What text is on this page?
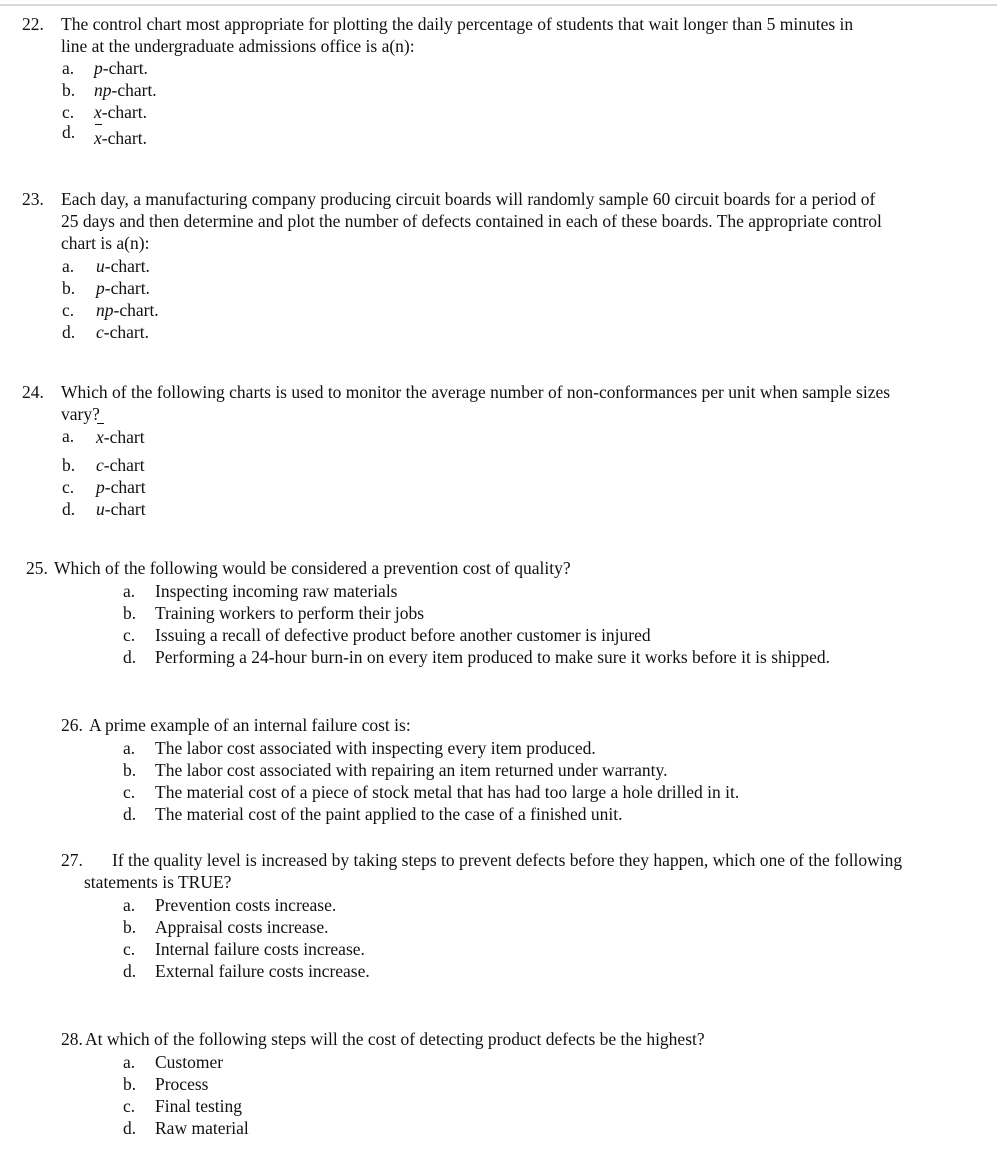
22. The control chart most appropriate for plotting the daily percentage of students that wait longer than 5 minutes in line at the undergraduate admissions office is a(n):
a. p-chart.
b. np-chart.
c. x-chart.
d. x-chart.
23. Each day, a manufacturing company producing circuit boards will randomly sample 60 circuit boards for a period of 25 days and then determine and plot the number of defects contained in each of these boards. The appropriate control chart is a(n):
a. u-chart.
b. p-chart.
c. np-chart.
d. c-chart.
24. Which of the following charts is used to monitor the average number of non-conformances per unit when sample sizes vary?
a. x-chart
b. c-chart
c. p-chart
d. u-chart
25. Which of the following would be considered a prevention cost of quality?
a. Inspecting incoming raw materials
b. Training workers to perform their jobs
c. Issuing a recall of defective product before another customer is injured
d. Performing a 24-hour burn-in on every item produced to make sure it works before it is shipped.
26. A prime example of an internal failure cost is:
a. The labor cost associated with inspecting every item produced.
b. The labor cost associated with repairing an item returned under warranty.
c. The material cost of a piece of stock metal that has had too large a hole drilled in it.
d. The material cost of the paint applied to the case of a finished unit.
27.	If the quality level is increased by taking steps to prevent defects before they happen, which one of the following statements is TRUE?
a. Prevention costs increase.
b. Appraisal costs increase.
c. Internal failure costs increase.
d. External failure costs increase.
28. At which of the following steps will the cost of detecting product defects be the highest?
a. Customer
b. Process
c. Final testing
d. Raw material
